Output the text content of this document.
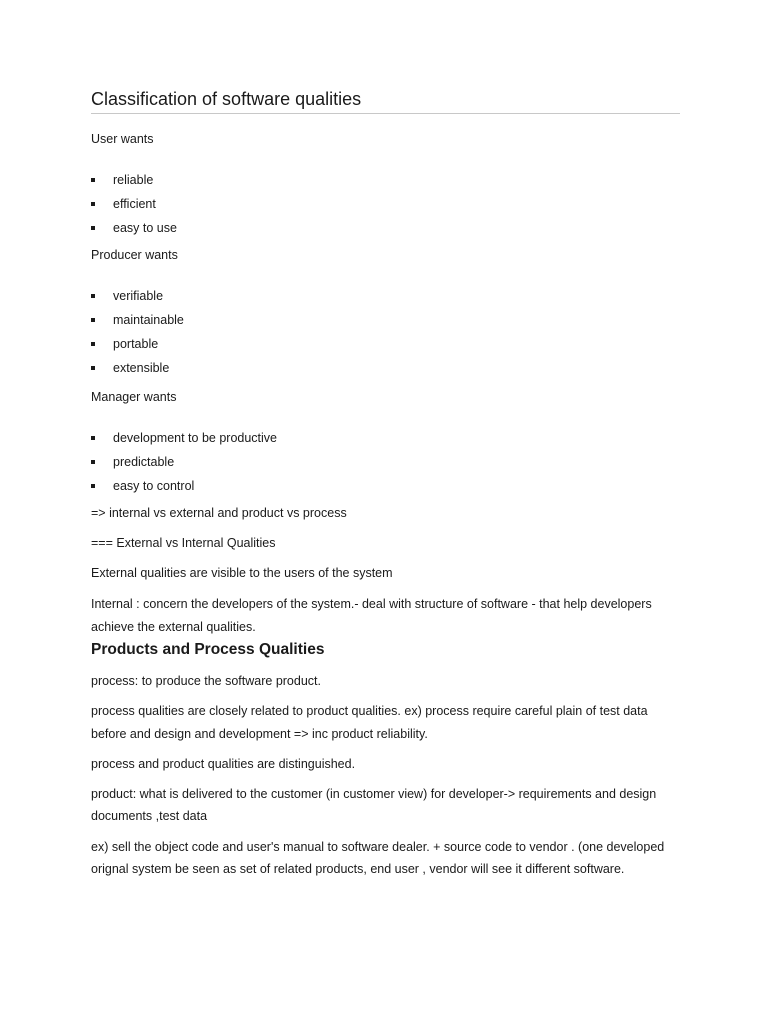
Classification of software qualities

User wants

reliable
efficient
easy to use

Producer wants

verifiable
maintainable
portable
extensible

Manager wants

development to be productive
predictable
easy to control

=> internal vs external and product vs process

=== External vs Internal Qualities

External qualities are visible to the users of the system

Internal : concern the developers of the system.- deal with structure of software - that help developers

achieve the external qualities.

Products and Process Qualities

process: to produce the software product.

process qualities are closely related to product qualities. ex) process require careful plain of test data

before and design and development => inc product reliability.

process and product qualities are distinguished.

product: what is delivered to the customer (in customer view) for developer-> requirements and design

documents ,test data

ex) sell the object code and user's manual to software dealer. + source code to vendor . (one developed

orignal system be seen as set of related products, end user , vendor will see it different software.
